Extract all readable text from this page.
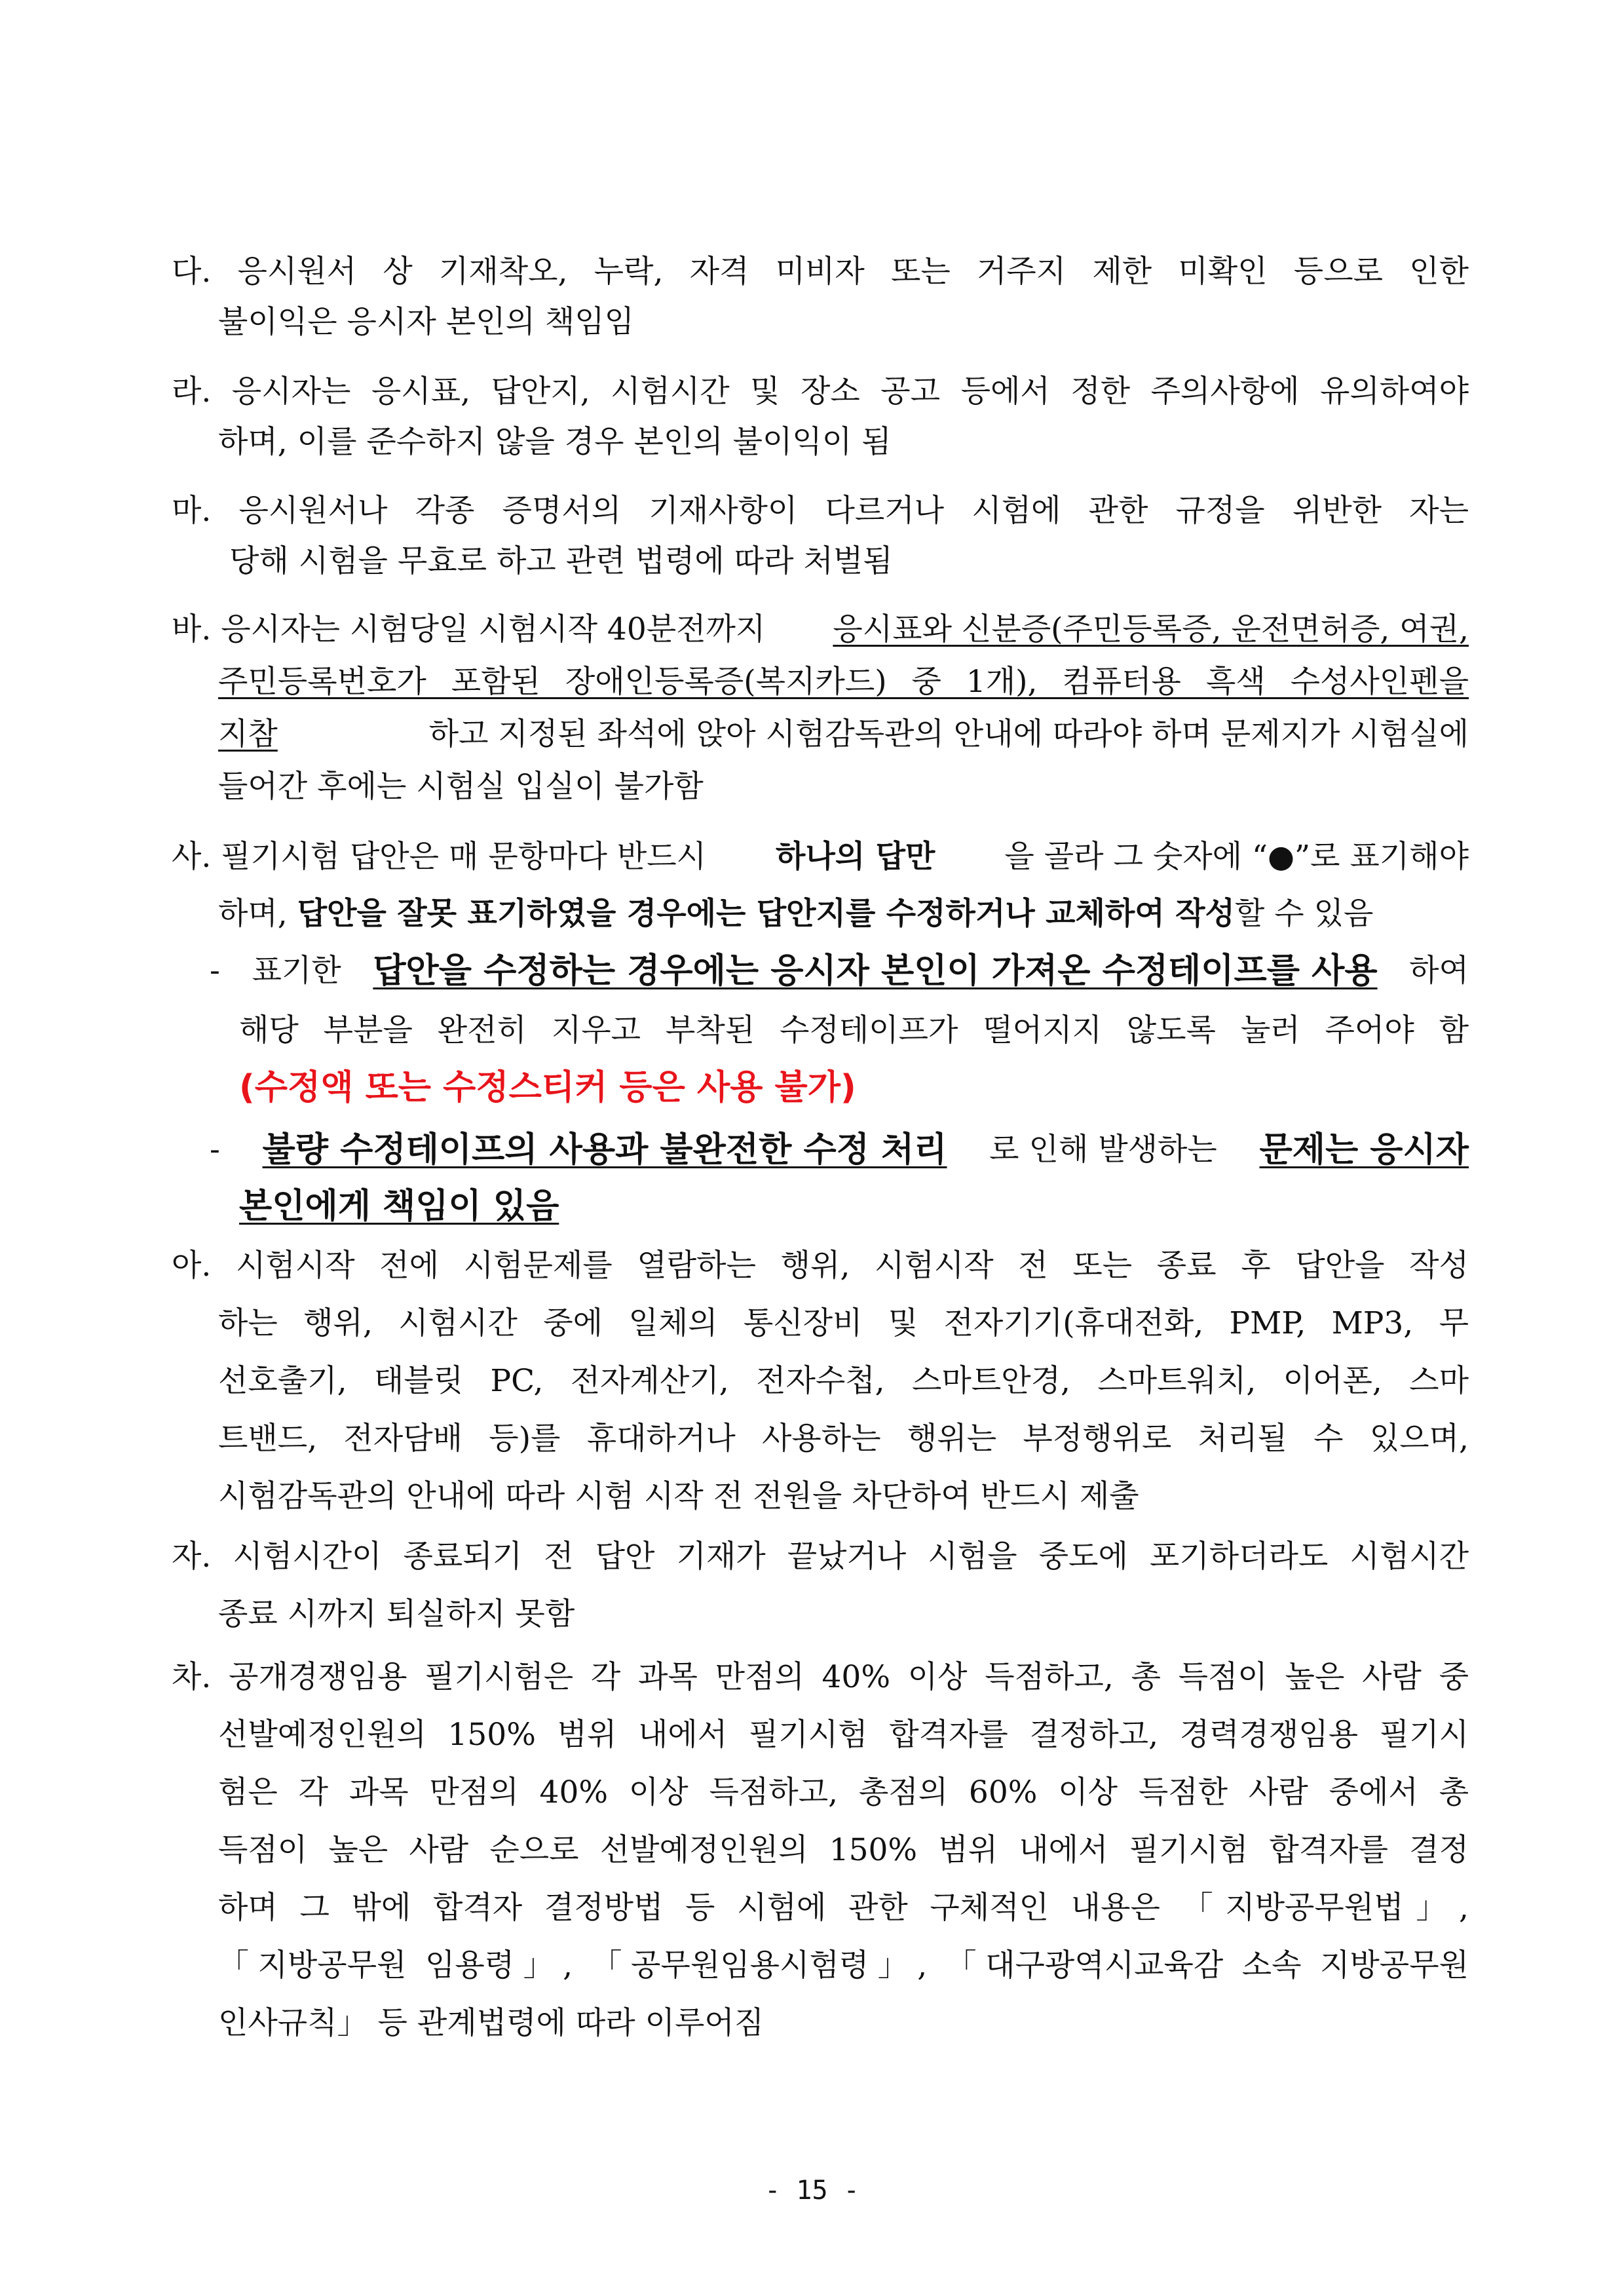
다. 응시원서 상 기재착오, 누락, 자격 미비자 또는 거주지 제한 미확인 등으로 인한
불이익은 응시자 본인의 책임임
라. 응시자는 응시표, 답안지, 시험시간 및 장소 공고 등에서 정한 주의사항에 유의하여야
하며, 이를 준수하지 않을 경우 본인의 불이익이 됨
마. 응시원서나 각종 증명서의 기재사항이 다르거나 시험에 관한 규정을 위반한 자는
당해 시험을 무효로 하고 관련 법령에 따라 처벌됨
바. 응시자는 시험당일 시험시작 40분전까지 응시표와 신분증(주민등록증, 운전면허증, 여권,
주민등록번호가 포함된 장애인등록증(복지카드) 중 1개), 컴퓨터용 흑색 수성사인펜을
지참	하고 지정된 좌석에 앉아 시험감독관의 안내에 따라야 하며 문제지가 시험실에
들어간 후에는 시험실 입실이 불가함
사. 필기시험 답안은 매 문항마다 반드시 하나의 답만 을 골라 그 숫자에 “●”로 표기해야
하며, 답안을 잘못 표기하였을 경우에는 답안지를 수정하거나 교체하여 작성할 수 있음
- 표기한 답안을 수정하는 경우에는 응시자 본인이 가져온 수정테이프를 사용 하여
해당 부분을 완전히 지우고 부착된 수정테이프가 떨어지지 않도록 눌러 주어야 함
(수정액 또는 수정스티커 등은 사용 불가)
- 불량 수정테이프의 사용과 불완전한 수정 처리 로 인해 발생하는 문제는 응시자
본인에게 책임이 있음
아. 시험시작 전에 시험문제를 열람하는 행위, 시험시작 전 또는 종료 후 답안을 작성
하는 행위, 시험시간 중에 일체의 통신장비 및 전자기기(휴대전화, PMP, MP3, 무
선호출기, 태블릿 PC, 전자계산기, 전자수첩, 스마트안경, 스마트워치, 이어폰, 스마
트밴드, 전자담배 등)를 휴대하거나 사용하는 행위는 부정행위로 처리될 수 있으며,
시험감독관의 안내에 따라 시험 시작 전 전원을 차단하여 반드시 제출
자. 시험시간이 종료되기 전 답안 기재가 끝났거나 시험을 중도에 포기하더라도 시험시간
종료 시까지 퇴실하지 못함
차. 공개경쟁임용 필기시험은 각 과목 만점의 40% 이상 득점하고, 총 득점이 높은 사람 중
선발예정인원의 150% 범위 내에서 필기시험 합격자를 결정하고, 경력경쟁임용 필기시
험은 각 과목 만점의 40% 이상 득점하고, 총점의 60% 이상 득점한 사람 중에서 총
득점이 높은 사람 순으로 선발예정인원의 150% 범위 내에서 필기시험 합격자를 결정
하며 그 밖에 합격자 결정방법 등 시험에 관한 구체적인 내용은 「지방공무원법」,
「지방공무원 임용령」, 「공무원임용시험령」, 「대구광역시교육감 소속 지방공무원
인사규칙」 등 관계법령에 따라 이루어짐
- 15 -
